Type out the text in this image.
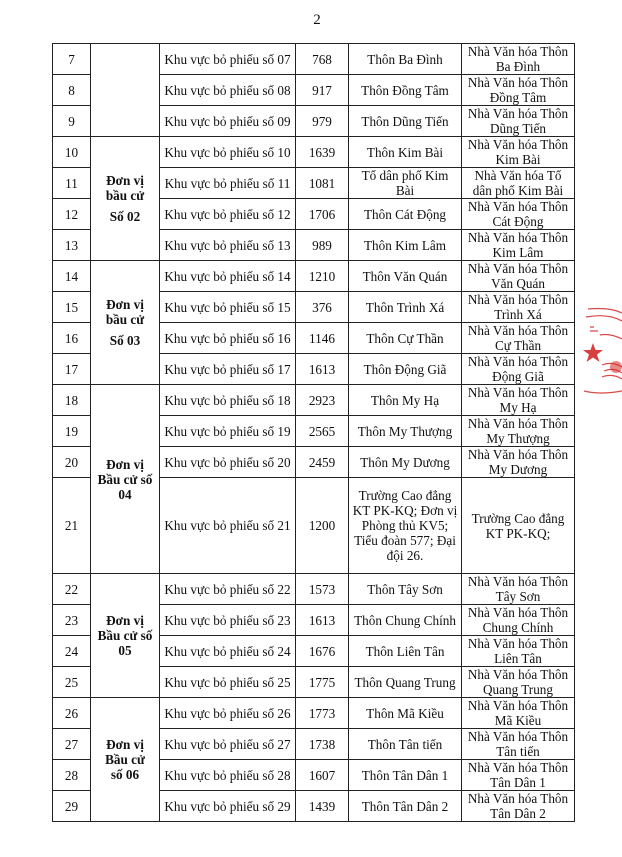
2
7		Khu vực bỏ phiếu số 07	768	Thôn Ba Đình	Nhà Văn hóa Thôn Ba Đình
8		Khu vực bỏ phiếu số 08	917	Thôn Đồng Tâm	Nhà Văn hóa Thôn Đồng Tâm
9		Khu vực bỏ phiếu số 09	979	Thôn Dũng Tiến	Nhà Văn hóa Thôn Dũng Tiến
10	Đơn vị
bầu cử
Số 02	Khu vực bỏ phiếu số 10	1639	Thôn Kim Bài	Nhà Văn hóa Thôn Kim Bài
11		Khu vực bỏ phiếu số 11	1081	Tổ dân phố Kim Bài	Nhà Văn hóa Tổ dân phố Kim Bài
12		Khu vực bỏ phiếu số 12	1706	Thôn Cát Động	Nhà Văn hóa Thôn Cát Động
13		Khu vực bỏ phiếu số 13	989	Thôn Kim Lâm	Nhà Văn hóa Thôn Kim Lâm
14	Đơn vị
bầu cử
Số 03	Khu vực bỏ phiếu số 14	1210	Thôn Văn Quán	Nhà Văn hóa Thôn Văn Quán
15		Khu vực bỏ phiếu số 15	376	Thôn Trình Xá	Nhà Văn hóa Thôn Trình Xá
16		Khu vực bỏ phiếu số 16	1146	Thôn Cự Thần	Nhà Văn hóa Thôn Cự Thần
17		Khu vực bỏ phiếu số 17	1613	Thôn Động Giã	Nhà Văn hóa Thôn Động Giã
18	Đơn vị
Bầu cử số
04	Khu vực bỏ phiếu số 18	2923	Thôn My Hạ	Nhà Văn hóa Thôn My Hạ
19		Khu vực bỏ phiếu số 19	2565	Thôn My Thượng	Nhà Văn hóa Thôn My Thượng
20		Khu vực bỏ phiếu số 20	2459	Thôn My Dương	Nhà Văn hóa Thôn My Dương
21		Khu vực bỏ phiếu số 21	1200	Trường Cao đẳng KT PK-KQ; Đơn vị Phòng thủ KV5; Tiểu đoàn 577; Đại đội 26.	Trường Cao đẳng KT PK-KQ;
22	Đơn vị
Bầu cử số
05	Khu vực bỏ phiếu số 22	1573	Thôn Tây Sơn	Nhà Văn hóa Thôn Tây Sơn
23		Khu vực bỏ phiếu số 23	1613	Thôn Chung Chính	Nhà Văn hóa Thôn Chung Chính
24		Khu vực bỏ phiếu số 24	1676	Thôn Liên Tân	Nhà Văn hóa Thôn Liên Tân
25		Khu vực bỏ phiếu số 25	1775	Thôn Quang Trung	Nhà Văn hóa Thôn Quang Trung
26	Đơn vị
Bầu cử
số 06	Khu vực bỏ phiếu số 26	1773	Thôn Mã Kiều	Nhà Văn hóa Thôn Mã Kiều
27		Khu vực bỏ phiếu số 27	1738	Thôn Tân tiến	Nhà Văn hóa Thôn Tân tiến
28		Khu vực bỏ phiếu số 28	1607	Thôn Tân Dân 1	Nhà Văn hóa Thôn Tân Dân 1
29		Khu vực bỏ phiếu số 29	1439	Thôn Tân Dân 2	Nhà Văn hóa Thôn Tân Dân 2
